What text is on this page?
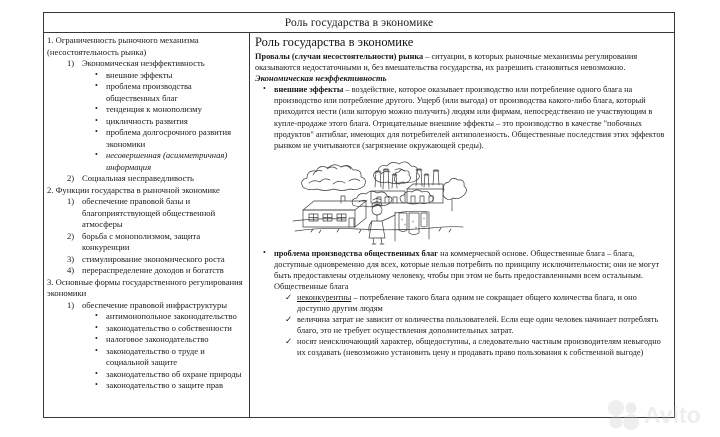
Роль государства в экономике
1. Ограниченность рыночного механизма (несостоятельность рынка)
1) Экономическая неэффективность
• внешние эффекты
• проблема производства общественных благ
• тенденция к монополизму
• цикличность развития
• проблема долгосрочного развития экономики
• несовершенная (асимметричная) информация
2) Социальная несправедливость
2. Функции государства в рыночной экономике
1) обеспечение правовой базы и благоприятствующей общественной атмосферы
2) борьба с монополизмом, защита конкуренции
3) стимулирование экономического роста
4) перераспределение доходов и богатств
3. Основные формы государственного регулирования экономики
1) обеспечение правовой инфраструктуры
• антимонопольное законодательство
• законодательство о собственности
• налоговое законодательство
• законодательство о труде и социальной защите
• законодательство об охране природы
• законодательство о защите прав
Роль государства в экономике

Провалы (случаи несостоятельности) рынка – ситуации, в которых рыночные механизмы регулирования оказываются недостаточными и, без вмешательства государства, их разрешить становиться невозможно.

Экономическая неэффективность
• внешние эффекты – воздействие, которое оказывает производство или потребление одного блага на производство или потребление другого. Ущерб (или выгода) от производства какого-либо блага, который приходится нести (или которую можно получить) людям или фирмам, непосредственно не участвующим в купле-продаже этого блага. Отрицательные внешние эффекты – это производство в качестве "побочных продуктов" антиблаг, имеющих для потребителей антиполезность. Общественные последствия этих эффектов рынком не учитываются (загрязнение окружающей среды).
• проблема производства общественных благ на коммерческой основе. Общественные блага – блага, доступные одновременно для всех, которые нельзя потребить по принципу исключительности; они не могут быть предоставлены отдельному человеку, чтобы при этом не быть предоставленными всем остальным. Общественные блага
✓ неконкурентны – потребление такого блага одним не сокращает общего количества блага, и оно доступно другим людям
✓ величина затрат не зависит от количества пользователей. Если еще один человек начинает потреблять благо, это не требует осуществления дополнительных затрат.
✓ носят неисключающий характер, общедоступны, а следовательно частным производителям невыгодно их создавать (невозможно установить цену и продавать право пользования к собственной выгоде)
Avito
